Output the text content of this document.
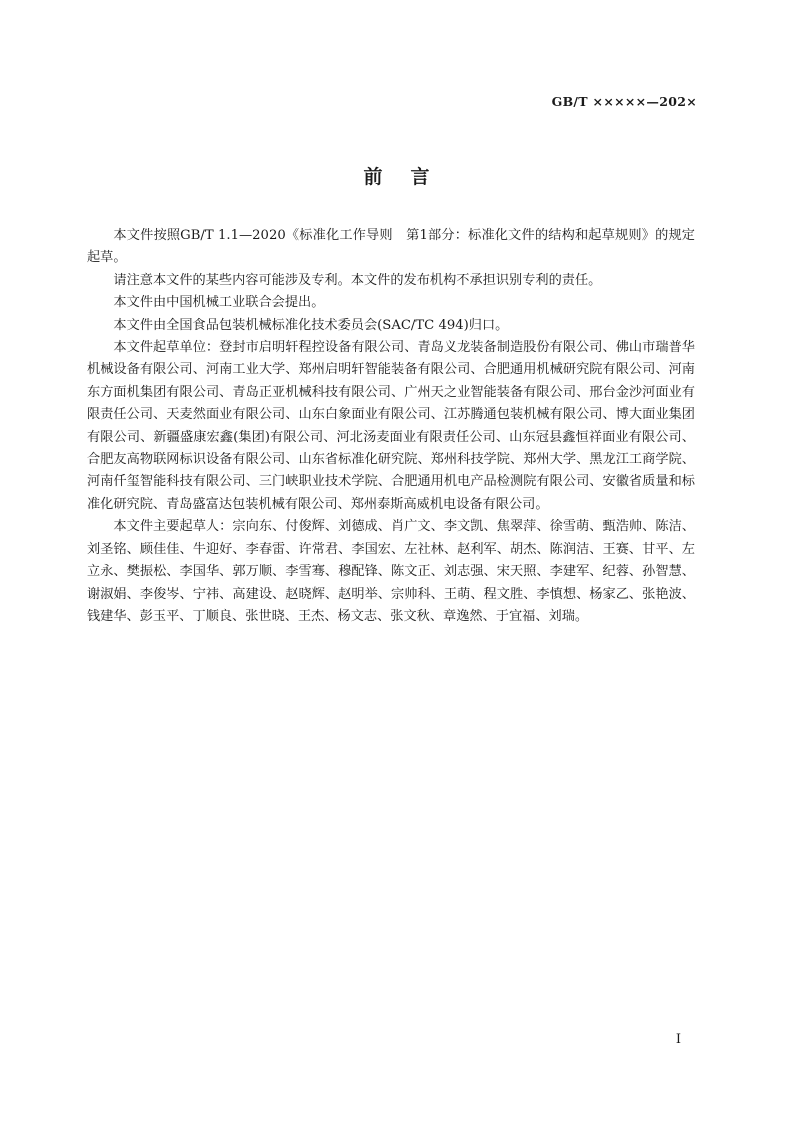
GB/T ×××××—202×
前言

本文件按照GB/T 1.1—2020《标准化工作导则　第1部分：标准化文件的结构和起草规则》的规定起草。

请注意本文件的某些内容可能涉及专利。本文件的发布机构不承担识别专利的责任。

本文件由中国机械工业联合会提出。

本文件由全国食品包装机械标准化技术委员会(SAC/TC 494)归口。

本文件起草单位：登封市启明轩程控设备有限公司、青岛义龙装备制造股份有限公司、佛山市瑞普华机械设备有限公司、河南工业大学、郑州启明轩智能装备有限公司、合肥通用机械研究院有限公司、河南东方面机集团有限公司、青岛正亚机械科技有限公司、广州天之业智能装备有限公司、邢台金沙河面业有限责任公司、天麦然面业有限公司、山东白象面业有限公司、江苏腾通包装机械有限公司、博大面业集团有限公司、新疆盛康宏鑫(集团)有限公司、河北汤麦面业有限责任公司、山东冠县鑫恒祥面业有限公司、合肥友高物联网标识设备有限公司、山东省标准化研究院、郑州科技学院、郑州大学、黑龙江工商学院、河南仟玺智能科技有限公司、三门峡职业技术学院、合肥通用机电产品检测院有限公司、安徽省质量和标准化研究院、青岛盛富达包装机械有限公司、郑州泰斯高威机电设备有限公司。

本文件主要起草人：宗向东、付俊辉、刘德成、肖广文、李文凯、焦翠萍、徐雪萌、甄浩帅、陈洁、刘圣铭、顾佳佳、牛迎好、李春雷、许常君、李国宏、左社林、赵利军、胡杰、陈润洁、王赛、甘平、左立永、樊振松、李国华、郭万顺、李雪骞、穆配锋、陈文正、刘志强、宋天照、李建军、纪蓉、孙智慧、谢淑娟、李俊岑、宁祎、高建设、赵晓辉、赵明举、宗帅科、王萌、程文胜、李慎想、杨家乙、张艳波、钱建华、彭玉平、丁顺良、张世晓、王杰、杨文志、张文秋、章逸然、于宜福、刘瑞。

I
